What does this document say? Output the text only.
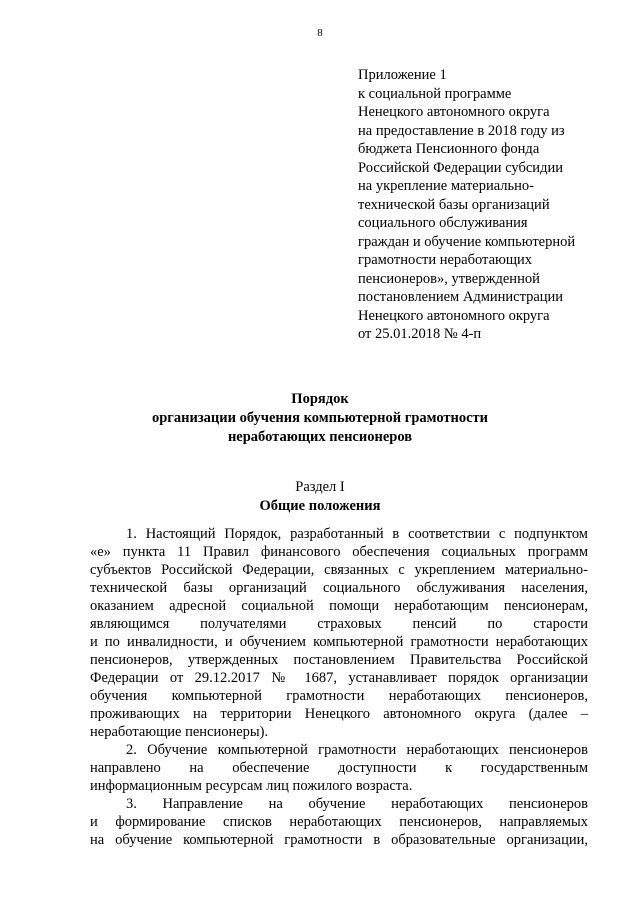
8
Приложение 1
к социальной программе
Ненецкого автономного округа
на предоставление в 2018 году из
бюджета Пенсионного фонда
Российской Федерации субсидии
на укрепление материально-
технической базы организаций
социального обслуживания
граждан и обучение компьютерной
грамотности неработающих
пенсионеров», утвержденной
постановлением Администрации
Ненецкого автономного округа
от 25.01.2018 № 4-п
Порядок
организации обучения компьютерной грамотности
неработающих пенсионеров
Раздел I
Общие положения
1. Настоящий Порядок, разработанный в соответствии с подпунктом
«е» пункта 11 Правил финансового обеспечения социальных программ
субъектов Российской Федерации, связанных с укреплением материально-
технической базы организаций социального обслуживания населения,
оказанием адресной социальной помощи неработающим пенсионерам,
являющимся получателями страховых пенсий по старости
и по инвалидности, и обучением компьютерной грамотности неработающих
пенсионеров, утвержденных постановлением Правительства Российской
Федерации от 29.12.2017 № 1687, устанавливает порядок организации
обучения компьютерной грамотности неработающих пенсионеров,
проживающих на территории Ненецкого автономного округа (далее –
неработающие пенсионеры).
2. Обучение компьютерной грамотности неработающих пенсионеров
направлено на обеспечение доступности к государственным
информационным ресурсам лиц пожилого возраста.
3. Направление на обучение неработающих пенсионеров
и формирование списков неработающих пенсионеров, направляемых
на обучение компьютерной грамотности в образовательные организации,
